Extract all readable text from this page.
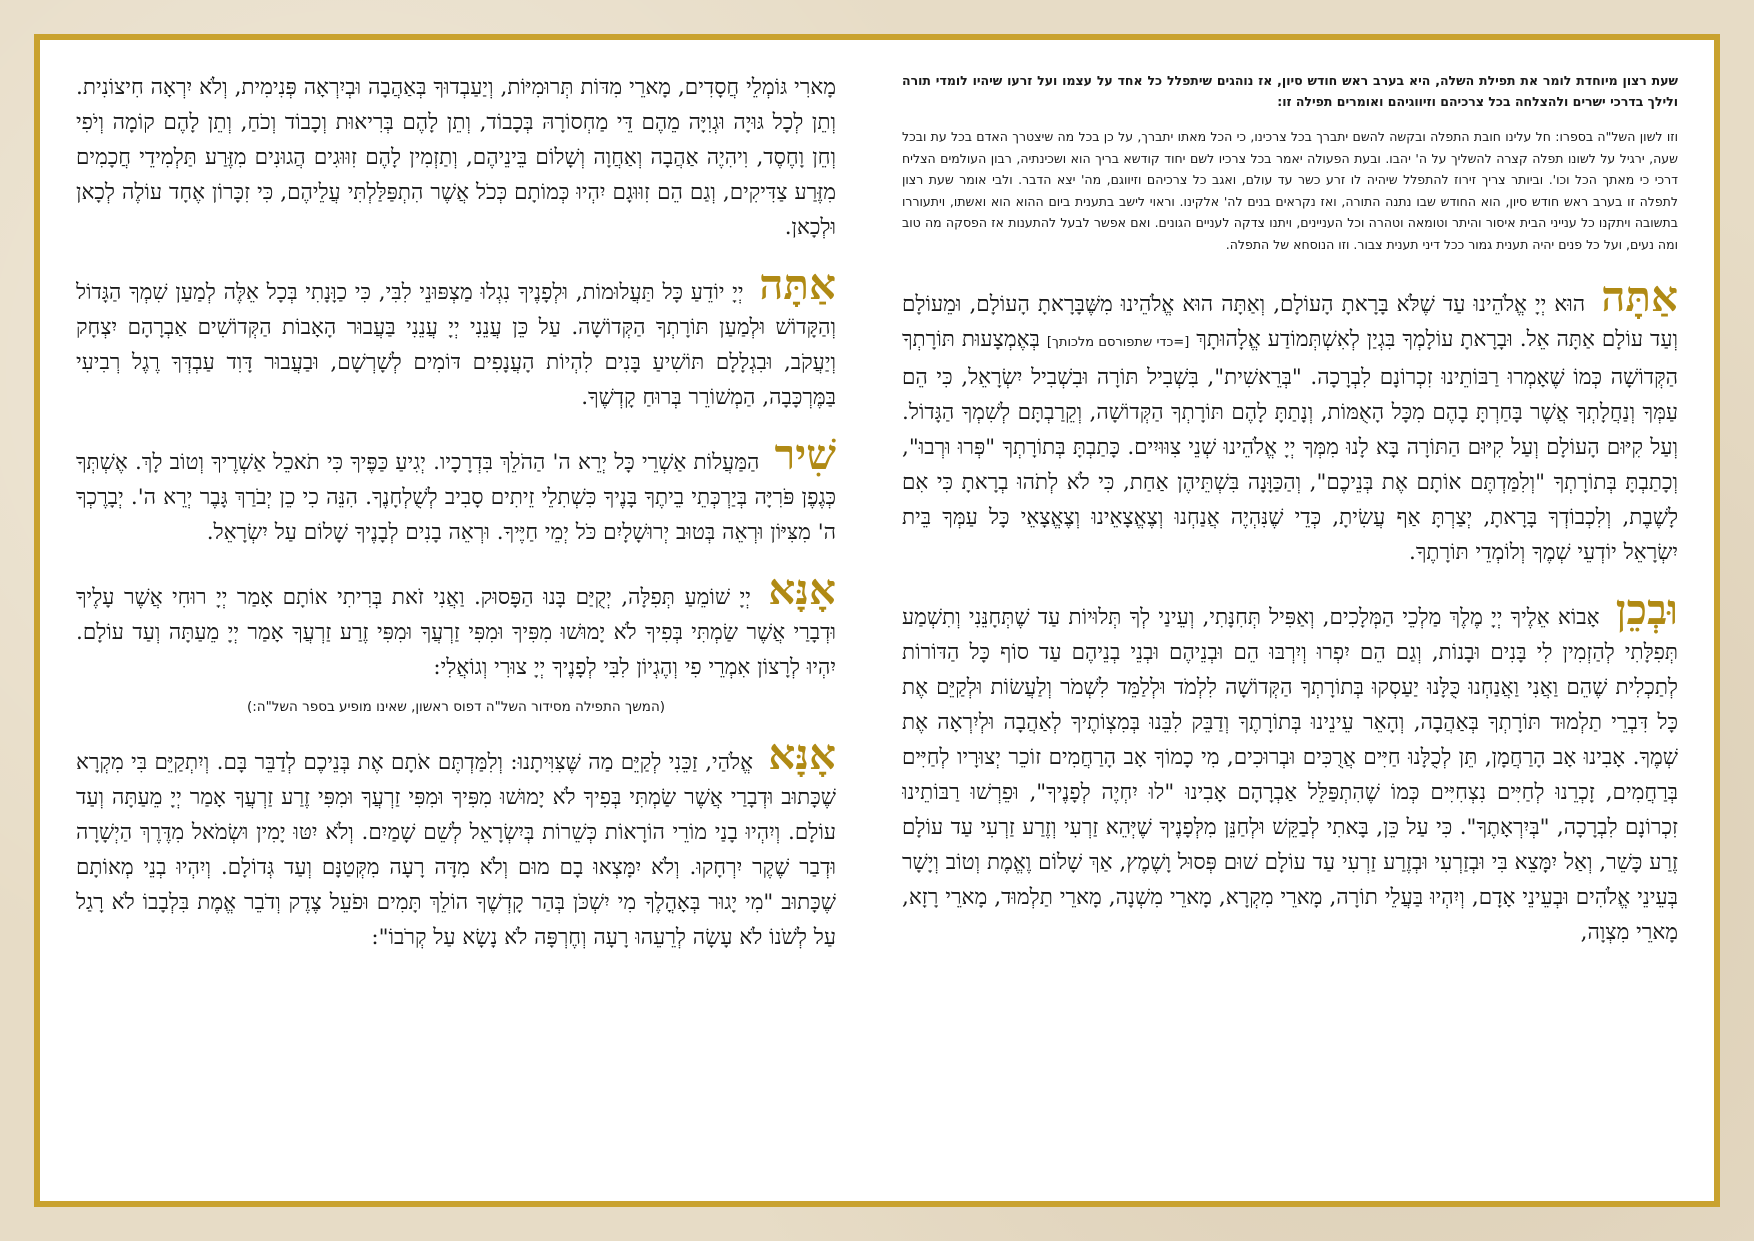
מָארִי גּוֹמְלֵי חֲסָדִים, מָארֵי מִדּוֹת תְּרוּמִיּוֹת, וְיַעַבְדוּךָ בְּאַהֲבָה וּבְיִרְאָה פְּנִימִית, וְלֹא יִרְאָה חִיצוֹנִית. וְתֵן לְכָל גּוּיָה וּגְוִיָּה מֵהֶם דֵּי מַחְסוֹרָהּ בְּכָבוֹד, וְתֵן לָהֶם בְּרִיאוּת וְכָבוֹד וְכֹחַ, וְתֵן לָהֶם קוֹמָה וְיֹפִי וְחֵן וָחֶסֶד, וִיהִיֶה אַהֲבָה וְאַחֲוָה וְשָׁלוֹם בֵּינֵיהֶם, וְתַזְמִין לָהֶם זִוּוּגִים הֲגוּנִים מִזֶּרַע תַּלְמִידֵי חֲכָמִים מִזֶּרַע צַדִּיקִים, וְגַם הֵם זִוּוּגָם יִהְיוּ כְּמוֹתָם כְּכֹל אֲשֶׁר הִתְפַּלַּלְתִּי עֲלֵיהֶם, כִּי זִכָּרוֹן אֶחָד עוֹלֶה לְכָאן וּלְכָאן.

אַתָּה יְיָ יוֹדֵעַ כָּל תַּעֲלוּמוֹת, וּלְפָנֶיךָ נִגְלוּ מַצְפּוּנֵי לִבִּי, כִּי כַוָּנָתִי בְּכָל אֵלֶּה לְמַעַן שִׁמְךָ הַגָּדוֹל וְהַקָּדוֹשׁ וּלְמַעַן תּוֹרָתְךָ הַקְּדוֹשָׁה. עַל כֵּן עֲנֵנִי יְיָ עֲנֵנִי בַּעֲבוּר הָאָבוֹת הַקְּדוֹשִׁים אַבְרָהָם יִצְחָק וְיַעֲקֹב, וּבִגְלָלָם תּוֹשִׁיעַ בָּנִים לִהְיוֹת הָעֲנָפִים דּוֹמִים לְשָׁרְשָׁם, וּבַעֲבוּר דָּוִד עַבְדְּךָ רֶגֶל רְבִיעִי בַּמֶּרְכָּבָה, הַמְשׁוֹרֵר בְּרוּחַ קָדְשֶׁךָ.

שִׁיר הַמַּעֲלוֹת אַשְׁרֵי כָּל יְרֵא ה' הַהֹלֵךְ בִּדְרָכָיו. יְגִיעַ כַּפֶּיךָ כִּי תֹאכֵל אַשְׁרֶיךָ וְטוֹב לָךְ. אֶשְׁתְּךָ כְּגֶפֶן פֹּרִיָּה בְּיַרְכְּתֵי בֵיתֶךָ בָּנֶיךָ כִּשְׁתִלֵי זֵיתִים סָבִיב לְשֻׁלְחָנֶךָ. הִנֵּה כִי כֵן יְבֹרַךְ גָּבֶר יְרֵא ה'. יְבָרֶכְךָ ה' מִצִּיּוֹן וּרְאֵה בְּטוּב יְרוּשָׁלָיִם כֹּל יְמֵי חַיֶּיךָ. וּרְאֵה בָנִים לְבָנֶיךָ שָׁלוֹם עַל יִשְׂרָאֵל.

אָנָּא יְיָ שׁוֹמֵעַ תְּפִלָּה, יְקֻיַּם בָּנוּ הַפָּסוּק. וַאֲנִי זֹאת בְּרִיתִי אוֹתָם אָמַר יְיָ רוּחִי אֲשֶׁר עָלֶיךָ וּדְבָרַי אֲשֶׁר שַׂמְתִּי בְּפִיךָ לֹא יָמוּשׁוּ מִפִּיךָ וּמִפִּי זַרְעֲךָ וּמִפִּי זֶרַע זַרְעֲךָ אָמַר יְיָ מֵעַתָּה וְעַד עוֹלָם. יִהְיוּ לְרָצוֹן אִמְרֵי פִי וְהֶגְיוֹן לִבִּי לְפָנֶיךָ יְיָ צוּרִי וְגוֹאֲלִי:

(המשך התפילה מסידור השל"ה דפוס ראשון, שאינו מופיע בספר השל"ה:)

אָנָּא אֱלֹהַי, זַכֵּנִי לְקַיֵּם מַה שֶּׁצִּוִּיתָנוּ: וְלִמַּדְתֶּם אֹתָם אֶת בְּנֵיכֶם לְדַבֵּר בָּם. וְיִתְקַיֵּם בִּי מִקְרָא שֶׁכָּתוּב וּדְבָרַי אֲשֶׁר שַׂמְתִּי בְּפִיךָ לֹא יָמוּשׁוּ מִפִּיךָ וּמִפִּי זַרְעֲךָ וּמִפִּי זֶרַע זַרְעֲךָ אָמַר יְיָ מֵעַתָּה וְעַד עוֹלָם. וְיִהְיוּ בָנַי מוֹרֵי הוֹרָאוֹת כְּשֵׁרוֹת בְּיִשְׂרָאֵל לְשֵׁם שָׁמַיִם. וְלֹא יִטּוּ יָמִין וּשְׂמֹאל מִדֶּרֶךְ הַיְשָׁרָה וּדְבַר שֶׁקֶר יִרְחָקוּ. וְלֹא יִמָּצְאוּ בָם מוּם וְלֹא מִדָּה רָעָה מִקְּטַנָּם וְעַד גְּדוֹלָם. וְיִהְיוּ בְנֵי מְאוֹתָם שֶׁכָּתוּב "מִי יָגוּר בְּאָהֳלֶךָ מִי יִשְׁכֹּן בְּהַר קָדְשֶׁךָ הוֹלֵךְ תָּמִים וּפֹעֵל צֶדֶק וְדֹבֵר אֱמֶת בִּלְבָבוֹ לֹא רָגַל עַל לְשֹׁנוֹ לֹא עָשָׂה לְרֵעֵהוּ רָעָה וְחֶרְפָּה לֹא נָשָׂא עַל קְרֹבוֹ":

שעת רצון מיוחדת לומר את תפילת השלה, היא בערב ראש חודש סיון, אז נוהגים שיתפלל כל אחד על עצמו ועל זרעו שיהיו לומדי תורה ולילך בדרכי ישרים ולהצלחה בכל צרכיהם וזיווגיהם ואומרים תפילה זו:

וזו לשון השל"ה בספרו: חל עלינו חובת התפלה ובקשה להשם יתברך בכל צרכינו, כי הכל מאתו יתברך, על כן בכל מה שיצטרך האדם בכל עת ובכל שעה, ירגיל על לשונו תפלה קצרה להשליך על ה' יהבו. ובעת הפעולה יאמר בכל צרכיו לשם יחוד קודשא בריך הוא ושכינתיה, רבון העולמים הצליח דרכי כי מאתך הכל וכו'. וביותר צריך זירוז להתפלל שיהיה לו זרע כשר עד עולם, ואגב כל צרכיהם וזיווגם, מה' יצא הדבר. ולבי אומר שעת רצון לתפלה זו בערב ראש חודש סיון, הוא החודש שבו נתנה התורה, ואז נקראים בנים לה' אלקינו. וראוי לישב בתענית ביום ההוא הוא ואשתו, ויתעוררו בתשובה ויתקנו כל ענייני הבית איסור והיתר וטומאה וטהרה וכל העניינים, ויתנו צדקה לעניים הגונים. ואם אפשר לבעל להתענות אז הפסקה מה טוב ומה נעים, ועל כל פנים יהיה תענית גמור ככל דיני תענית צבור. וזו הנוסחא של התפלה.

אַתָּה הוּא יְיָ אֱלֹהֵינוּ עַד שֶׁלֹּא בָּרָאתָ הָעוֹלָם, וְאַתָּה הוּא אֱלֹהֵינוּ מִשֶּׁבָּרָאתָ הָעוֹלָם, וּמֵעוֹלָם וְעַד עוֹלָם אַתָּה אֵל. וּבָרָאתָ עוֹלָמְךָ בִּגְיַן לְאִשְׁתְּמוֹדַע אֱלָהוּתָךְ [=כדי שתפורסם מלכותך] בְּאֶמְצָעוּת תּוֹרָתְךָ הַקְּדוֹשָׁה כְּמוֹ שֶׁאָמְרוּ רַבּוֹתֵינוּ זִכְרוֹנָם לִבְרָכָה. "בְּרֵאשִׁית", בִּשְׁבִיל תּוֹרָה וּבִשְׁבִיל יִשְׂרָאֵל, כִּי הֵם עַמְּךָ וְנַחֲלָתְךָ אֲשֶׁר בָּחַרְתָּ בָהֶם מִכָּל הָאֻמּוֹת, וְנָתַתָּ לָהֶם תּוֹרָתְךָ הַקְּדוֹשָׁה, וְקֵרַבְתָּם לְשִׁמְךָ הַגָּדוֹל. וְעַל קִיּוּם הָעוֹלָם וְעַל קִיּוּם הַתּוֹרָה בָּא לָנוּ מִמְּךָ יְיָ אֱלֹהֵינוּ שְׁנֵי צִוּוּיִים. כָּתַבְתָּ בְּתוֹרָתְךָ "פְּרוּ וּרְבוּ", וְכָתַבְתָּ בְּתוֹרָתְךָ "וְלִמַּדְתֶּם אוֹתָם אֶת בְּנֵיכֶם", וְהַכַּוָּנָה בִּשְׁתֵּיהֶן אַחַת, כִּי לֹא לְתֹהוּ בְרָאתָ כִּי אִם לָשֶׁבֶת, וְלִכְבוֹדְךָ בָּרָאתָ, יְצַרְתָּ אַף עֲשִׂיתָ, כְּדֵי שֶׁנִּהְיֶה אֲנַחְנוּ וְצֶאֱצָאֵינוּ וְצֶאֱצָאֵי כָּל עַמְּךָ בֵּית יִשְׂרָאֵל יוֹדְעֵי שְׁמֶךָ וְלוֹמְדֵי תּוֹרָתֶךָ.

וּבְכֵן אָבוֹא אֵלֶיךָ יְיָ מֶלֶךְ מַלְכֵי הַמְּלָכִים, וְאַפִּיל תְּחִנָּתִי, וְעֵינַי לְךָ תְּלוּיוֹת עַד שֶׁתְּחָנֵּנִי וְתִשְׁמַע תְּפִלָּתִי לְהַזְמִין לִי בָּנִים וּבָנוֹת, וְגַם הֵם יִפְרוּ וְיִרְבּוּ הֵם וּבְנֵיהֶם וּבְנֵי בְנֵיהֶם עַד סוֹף כָּל הַדּוֹרוֹת לְתַכְלִית שֶׁהֵם וַאֲנִי וַאֲנַחְנוּ כֻּלָּנוּ יַעַסְקוּ בְּתוֹרָתְךָ הַקְּדוֹשָׁה לִלְמֹד וּלְלַמֵּד לִשְׁמֹר וְלַעֲשׂוֹת וּלְקַיֵּם אֶת כָּל דִּבְרֵי תַלְמוּד תּוֹרָתְךָ בְּאַהֲבָה, וְהָאֵר עֵינֵינוּ בְּתוֹרָתֶךָ וְדַבֵּק לִבֵּנוּ בְּמִצְוֹתֶיךָ לְאַהֲבָה וּלְיִרְאָה אֶת שְׁמֶךָ. אָבִינוּ אָב הָרַחֲמָן, תֵּן לְכֻלָּנוּ חַיִּים אֲרֻכִּים וּבְרוּכִים, מִי כָמוֹךָ אָב הָרַחֲמִים זוֹכֵר יְצוּרָיו לְחַיִּים בְּרַחֲמִים, זָכְרֵנוּ לְחַיִּים נִצְחִיִּים כְּמוֹ שֶׁהִתְפַּלֵּל אַבְרָהָם אָבִינוּ "לוּ יִחְיֶה לְפָנֶיךָ", וּפֵרְשׁוּ רַבּוֹתֵינוּ זִכְרוֹנָם לִבְרָכָה, "בְּיִרְאָתֶךָ". כִּי עַל כֵּן, בָּאתִי לְבַקֵּשׁ וּלְחַנֵּן מִלְּפָנֶיךָ שֶׁיְּהֵא זַרְעִי וְזֶרַע זַרְעִי עַד עוֹלָם זֶרַע כָּשֵׁר, וְאַל יִמָּצֵא בִּי וּבְזַרְעִי וּבְזֶרַע זַרְעִי עַד עוֹלָם שׁוּם פְּסוּל וָשֶׁמֶץ, אַךְ שָׁלוֹם וֶאֱמֶת וְטוֹב וְיָשָׁר בְּעֵינֵי אֱלֹהִים וּבְעֵינֵי אָדָם, וְיִהְיוּ בַּעֲלֵי תוֹרָה, מָארֵי מִקְרָא, מָארֵי מִשְׁנָה, מָארֵי תַלְמוּד, מָארֵי רָזָא, מָארֵי מִצְוָה,
